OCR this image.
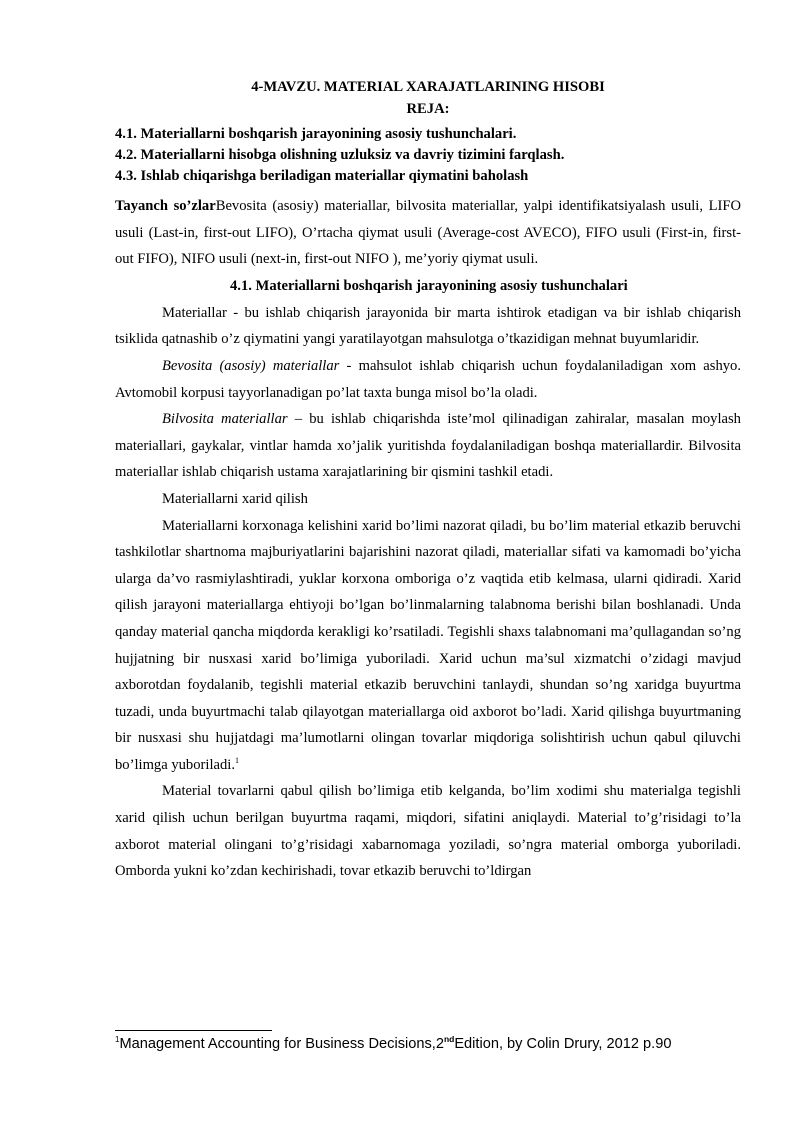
4-MAVZU. MATERIAL XARAJATLARINING HISOBI

REJA:

4.1. Materiallarni boshqarish jarayonining asosiy tushunchalari.

4.2. Materiallarni hisobga olishning uzluksiz va davriy tizimini farqlash.

4.3. Ishlab chiqarishga beriladigan materiallar qiymatini baholash

Tayanch so’zlarBevosita (asosiy) materiallar, bilvosita materiallar, yalpi identifikatsiyalash usuli, LIFO usuli (Last-in, first-out LIFO), O’rtacha qiymat usuli (Average-cost AVECO), FIFO usuli (First-in, first-out FIFO), NIFO usuli (next-in, first-out NIFO ), me’yoriy qiymat usuli.

4.1. Materiallarni boshqarish jarayonining asosiy tushunchalari

Materiallar - bu ishlab chiqarish jarayonida bir marta ishtirok etadigan va bir ishlab chiqarish tsiklida qatnashib o’z qiymatini yangi yaratilayotgan mahsulotga o’tkazidigan mehnat buyumlaridir.

Bevosita (asosiy) materiallar - mahsulot ishlab chiqarish uchun foydalaniladigan xom ashyo. Avtomobil korpusi tayyorlanadigan po’lat taxta bunga misol bo’la oladi.

Bilvosita materiallar – bu ishlab chiqarishda iste’mol qilinadigan zahiralar, masalan moylash materiallari, gaykalar, vintlar hamda xo’jalik yuritishda foydalaniladigan boshqa materiallardir. Bilvosita materiallar ishlab chiqarish ustama xarajatlarining bir qismini tashkil etadi.

Materiallarni xarid qilish

Materiallarni korxonaga kelishini xarid bo’limi nazorat qiladi, bu bo’lim material etkazib beruvchi tashkilotlar shartnoma majburiyatlarini bajarishini nazorat qiladi, materiallar sifati va kamomadi bo’yicha ularga da’vo rasmiylashtiradi, yuklar korxona omboriga o’z vaqtida etib kelmasa, ularni qidiradi. Xarid qilish jarayoni materiallarga ehtiyoji bo’lgan bo’linmalarning talabnoma berishi bilan boshlanadi. Unda qanday material qancha miqdorda kerakligi ko’rsatiladi. Tegishli shaxs talabnomani ma’qullagandan so’ng hujjatning bir nusxasi xarid bo’limiga yuboriladi. Xarid uchun ma’sul xizmatchi o’zidagi mavjud axborotdan foydalanib, tegishli material etkazib beruvchini tanlaydi, shundan so’ng xaridga buyurtma tuzadi, unda buyurtmachi talab qilayotgan materiallarga oid axborot bo’ladi. Xarid qilishga buyurtmaning bir nusxasi shu hujjatdagi ma’lumotlarni olingan tovarlar miqdoriga solishtirish uchun qabul qiluvchi bo’limga yuboriladi.$^1$

Material tovarlarni qabul qilish bo’limiga etib kelganda, bo’lim xodimi shu materialga tegishli xarid qilish uchun berilgan buyurtma raqami, miqdori, sifatini aniqlaydi. Material to’g’risidagi to’la axborot material olingani to’g’risidagi xabarnomaga yoziladi, so’ngra material omborga yuboriladi. Omborda yukni ko’zdan kechirishadi, tovar etkazib beruvchi to’ldirgan

$^1$Management Accounting for Business Decisions,2ndEdition, by Colin Drury, 2012 p.90
